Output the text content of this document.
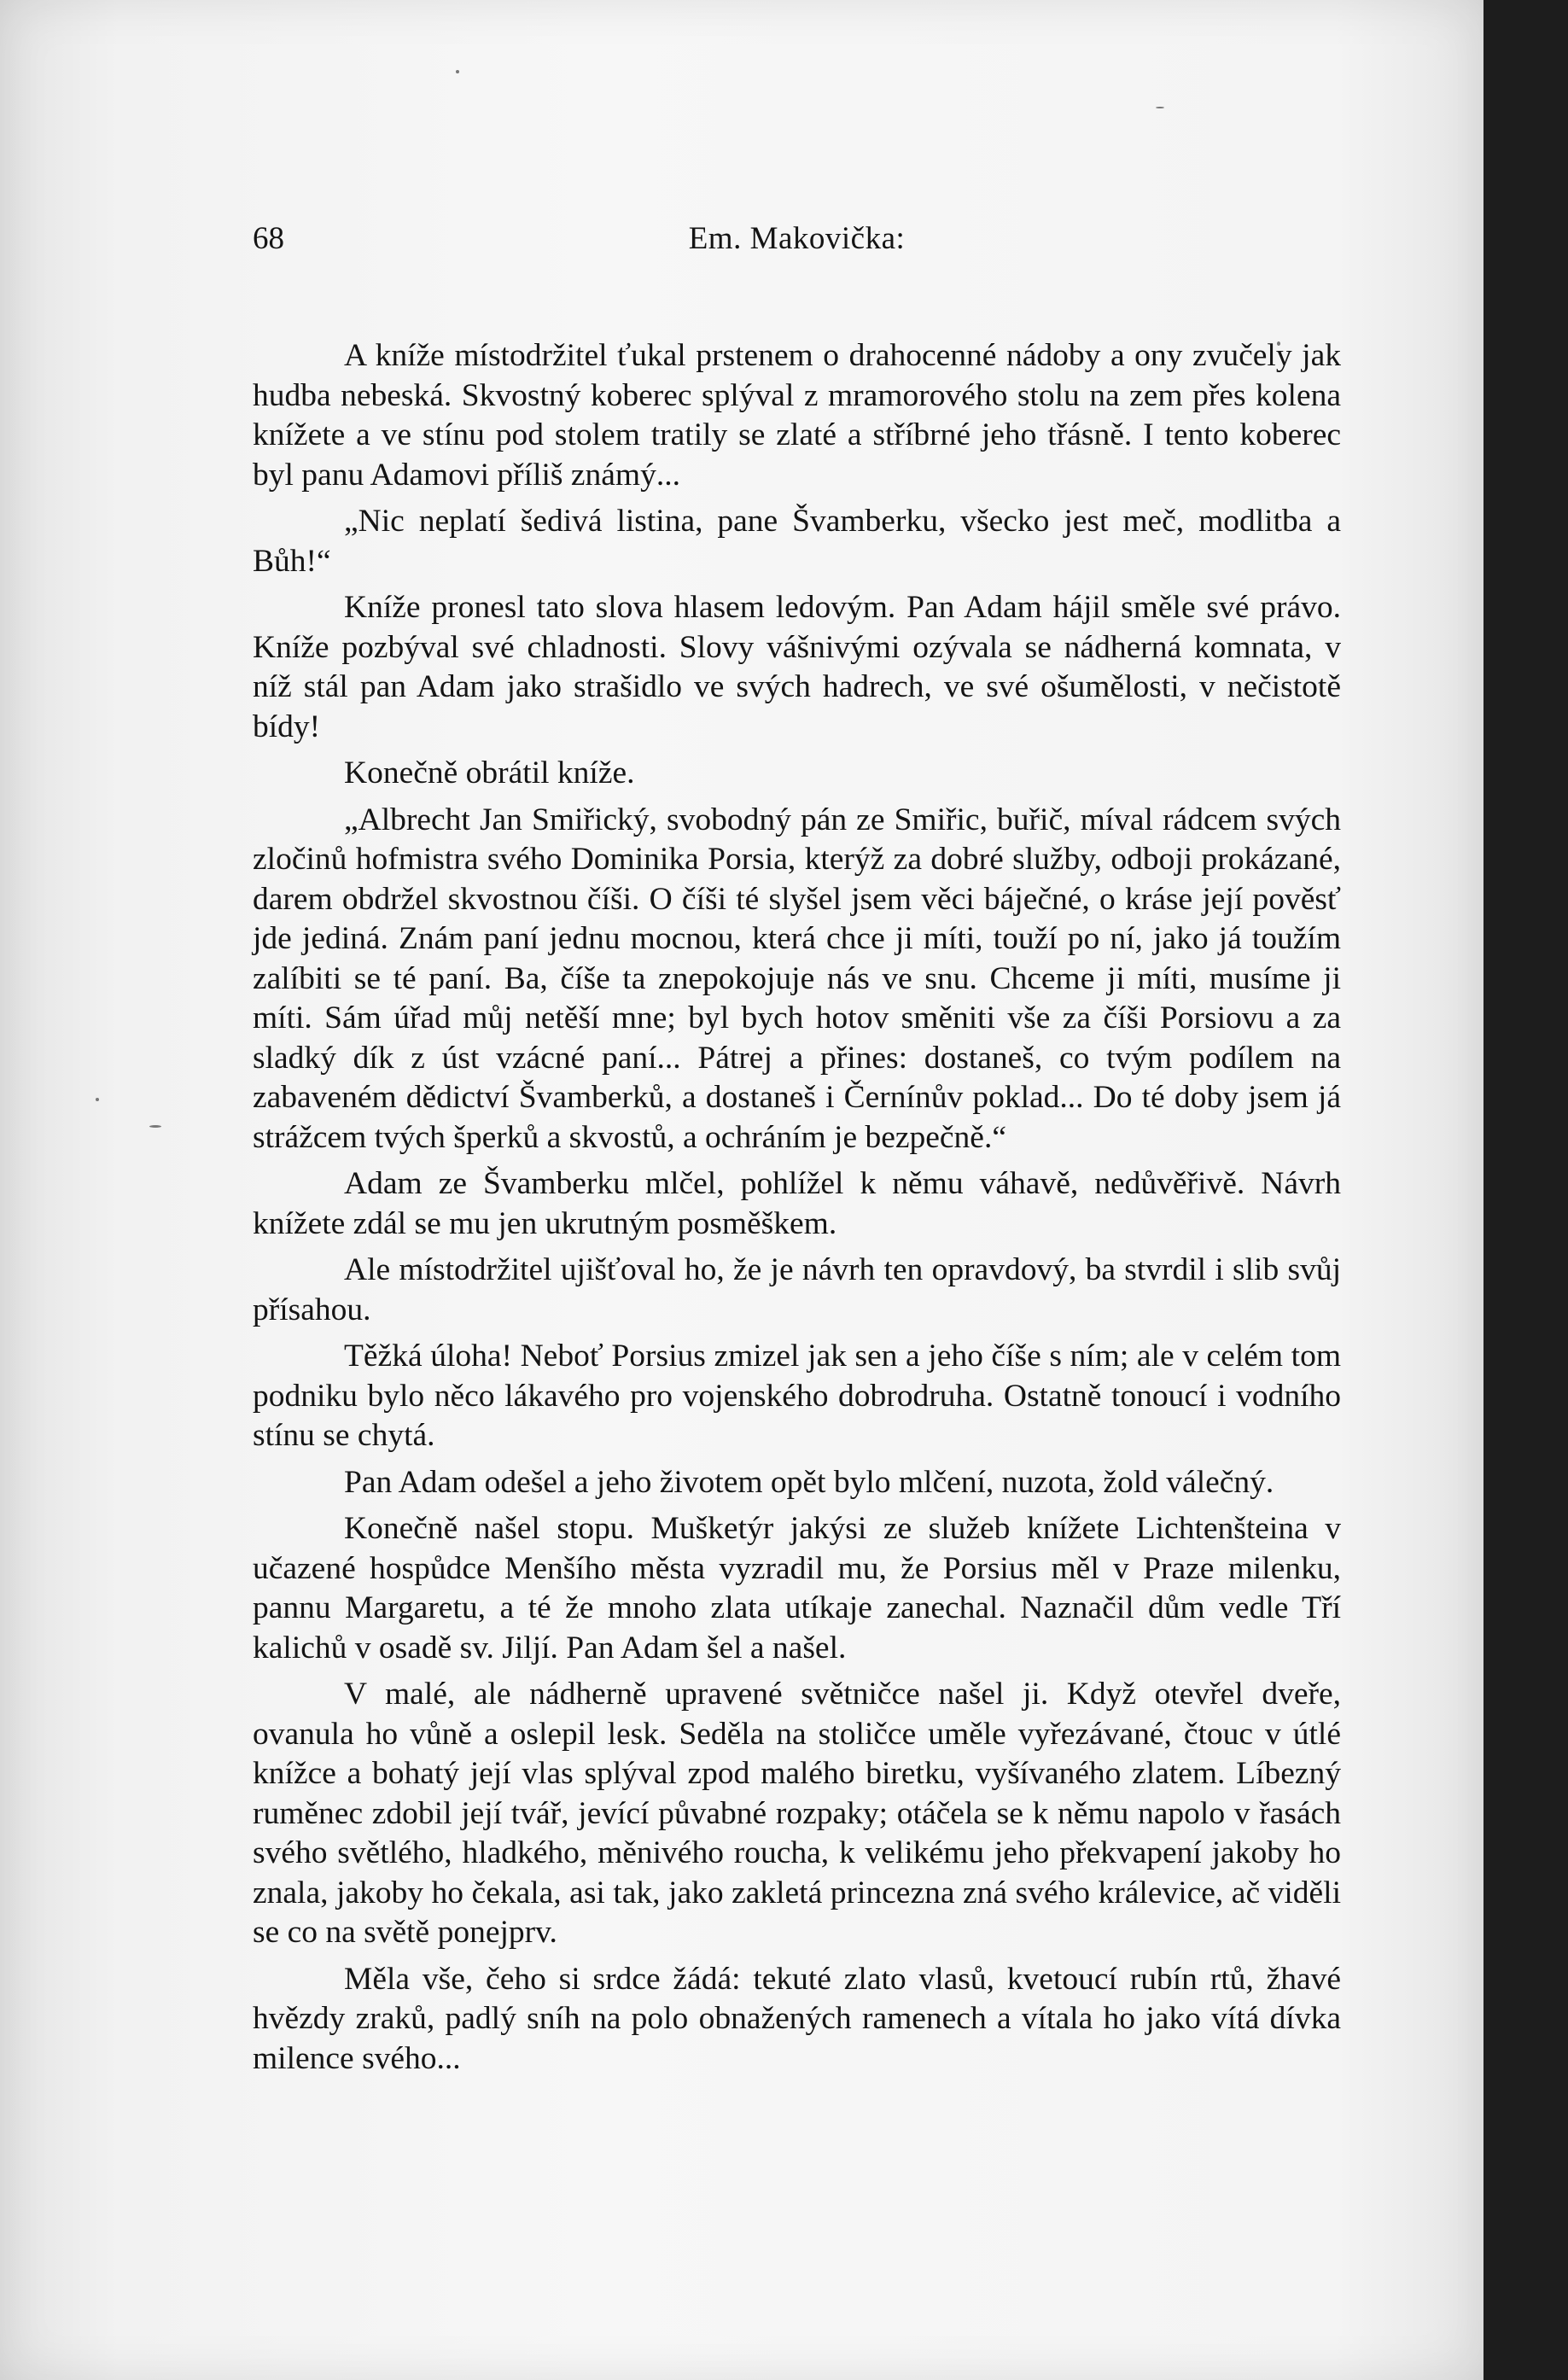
68	Em. Makovička:

A kníže místodržitel ťukal prstenem o drahocenné nádoby a ony zvučely jak hudba nebeská. Skvostný koberec splýval z mramorového stolu na zem přes kolena knížete a ve stínu pod stolem tratily se zlaté a stříbrné jeho třásně. I tento koberec byl panu Adamovi příliš známý...

„Nic neplatí šedivá listina, pane Švamberku, všecko jest meč, modlitba a Bůh!“

Kníže pronesl tato slova hlasem ledovým. Pan Adam hájil směle své právo. Kníže pozbýval své chladnosti. Slovy vášnivými ozývala se nádherná komnata, v níž stál pan Adam jako strašidlo ve svých hadrech, ve své ošumělosti, v nečistotě bídy!

Konečně obrátil kníže.

„Albrecht Jan Smiřický, svobodný pán ze Smiřic, buřič, míval rádcem svých zločinů hofmistra svého Dominika Porsia, kterýž za dobré služby, odboji prokázané, darem obdržel skvostnou číši. O číši té slyšel jsem věci báječné, o kráse její pověsť jde jediná. Znám paní jednu mocnou, která chce ji míti, touží po ní, jako já toužím zalíbiti se té paní. Ba, číše ta znepokojuje nás ve snu. Chceme ji míti, musíme ji míti. Sám úřad můj netěší mne; byl bych hotov směniti vše za číši Porsiovu a za sladký dík z úst vzácné paní... Pátrej a přines: dostaneš, co tvým podílem na zabaveném dědictví Švamberků, a dostaneš i Černínův poklad... Do té doby jsem já strážcem tvých šperků a skvostů, a ochráním je bezpečně.“

Adam ze Švamberku mlčel, pohlížel k němu váhavě, nedůvěřivě. Návrh knížete zdál se mu jen ukrutným posměškem.

Ale místodržitel ujišťoval ho, že je návrh ten opravdový, ba stvrdil i slib svůj přísahou.

Těžká úloha! Neboť Porsius zmizel jak sen a jeho číše s ním; ale v celém tom podniku bylo něco lákavého pro vojenského dobrodruha. Ostatně tonoucí i vodního stínu se chytá.

Pan Adam odešel a jeho životem opět bylo mlčení, nuzota, žold válečný.

Konečně našel stopu. Mušketýr jakýsi ze služeb knížete Lichtenšteina v učazené hospůdce Menšího města vyzradil mu, že Porsius měl v Praze milenku, pannu Margaretu, a té že mnoho zlata utíkaje zanechal. Naznačil dům vedle Tří kalichů v osadě sv. Jiljí. Pan Adam šel a našel.

V malé, ale nádherně upravené světničce našel ji. Když otevřel dveře, ovanula ho vůně a oslepil lesk. Seděla na stoličce uměle vyřezávané, čtouc v útlé knížce a bohatý její vlas splýval zpod malého biretku, vyšívaného zlatem. Líbezný ruměnec zdobil její tvář, jevící půvabné rozpaky; otáčela se k němu napolo v řasách svého světlého, hladkého, měnivého roucha, k velikému jeho překvapení jakoby ho znala, jakoby ho čekala, asi tak, jako zakletá princezna zná svého králevice, ač viděli se co na světě ponejprv.

Měla vše, čeho si srdce žádá: tekuté zlato vlasů, kvetoucí rubín rtů, žhavé hvězdy zraků, padlý sníh na polo obnažených ramenech a vítala ho jako vítá dívka milence svého...
